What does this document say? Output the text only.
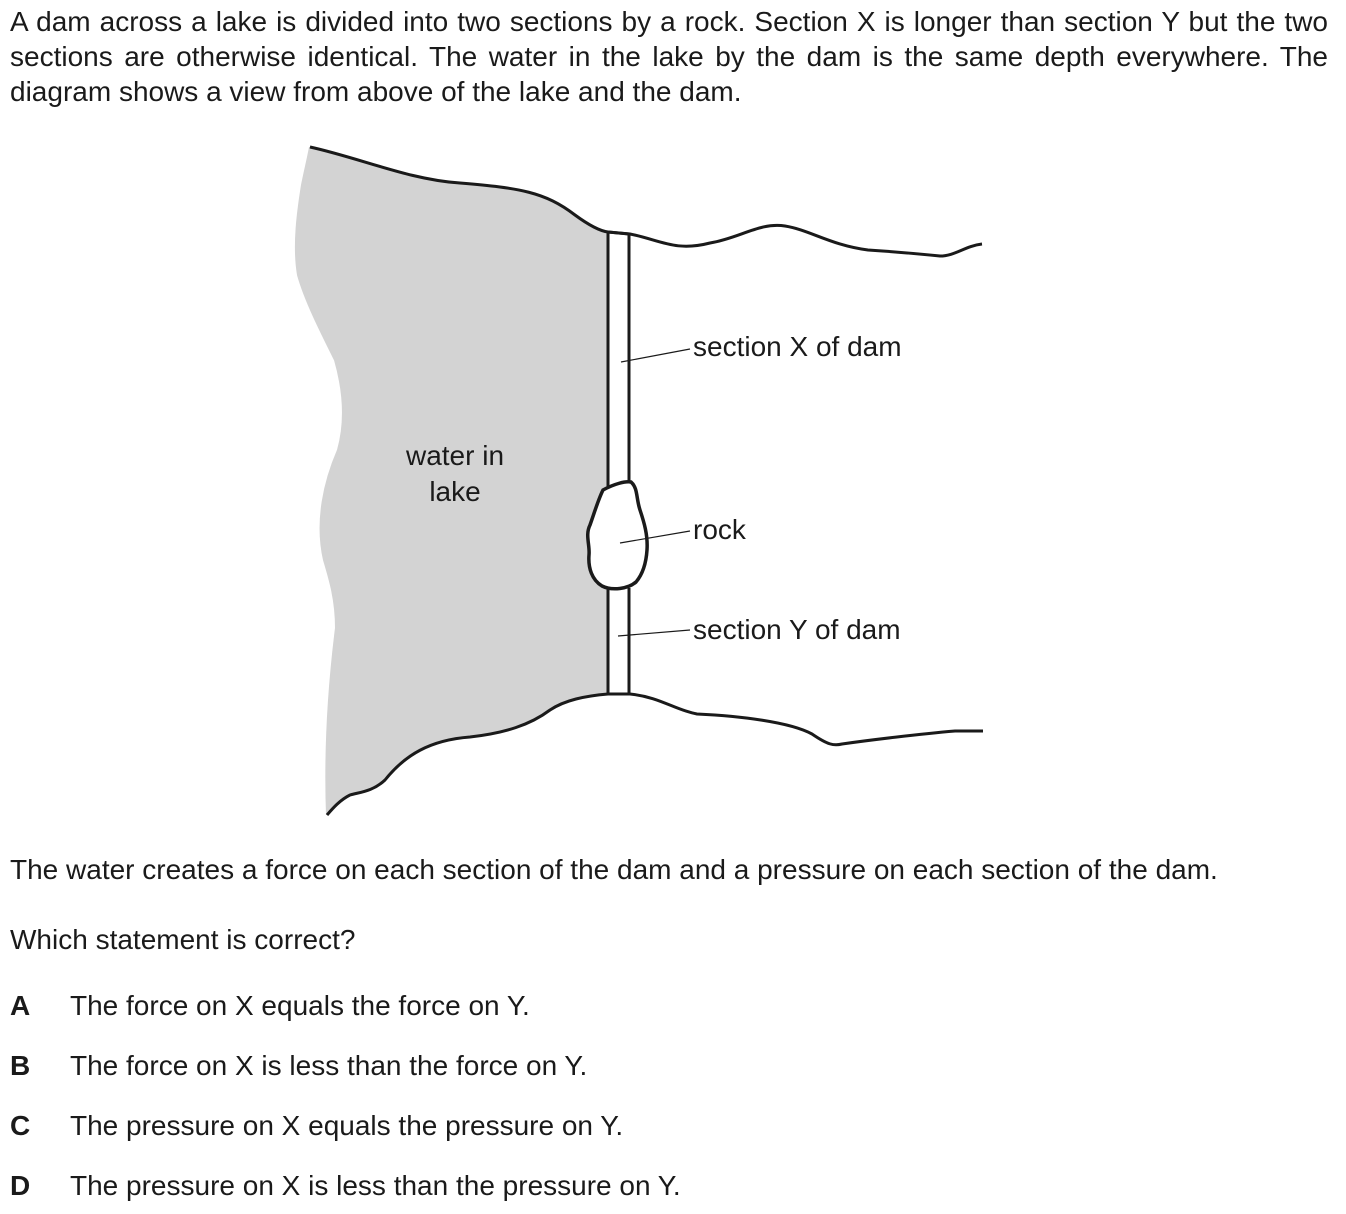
A dam across a lake is divided into two sections by a rock. Section X is longer than section Y but the two sections are otherwise identical. The water in the lake by the dam is the same depth everywhere. The diagram shows a view from above of the lake and the dam.

water in
lake
section X of dam
rock
section Y of dam

The water creates a force on each section of the dam and a pressure on each section of the dam.

Which statement is correct?

A The force on X equals the force on Y.
B The force on X is less than the force on Y.
C The pressure on X equals the pressure on Y.
D The pressure on X is less than the pressure on Y.
